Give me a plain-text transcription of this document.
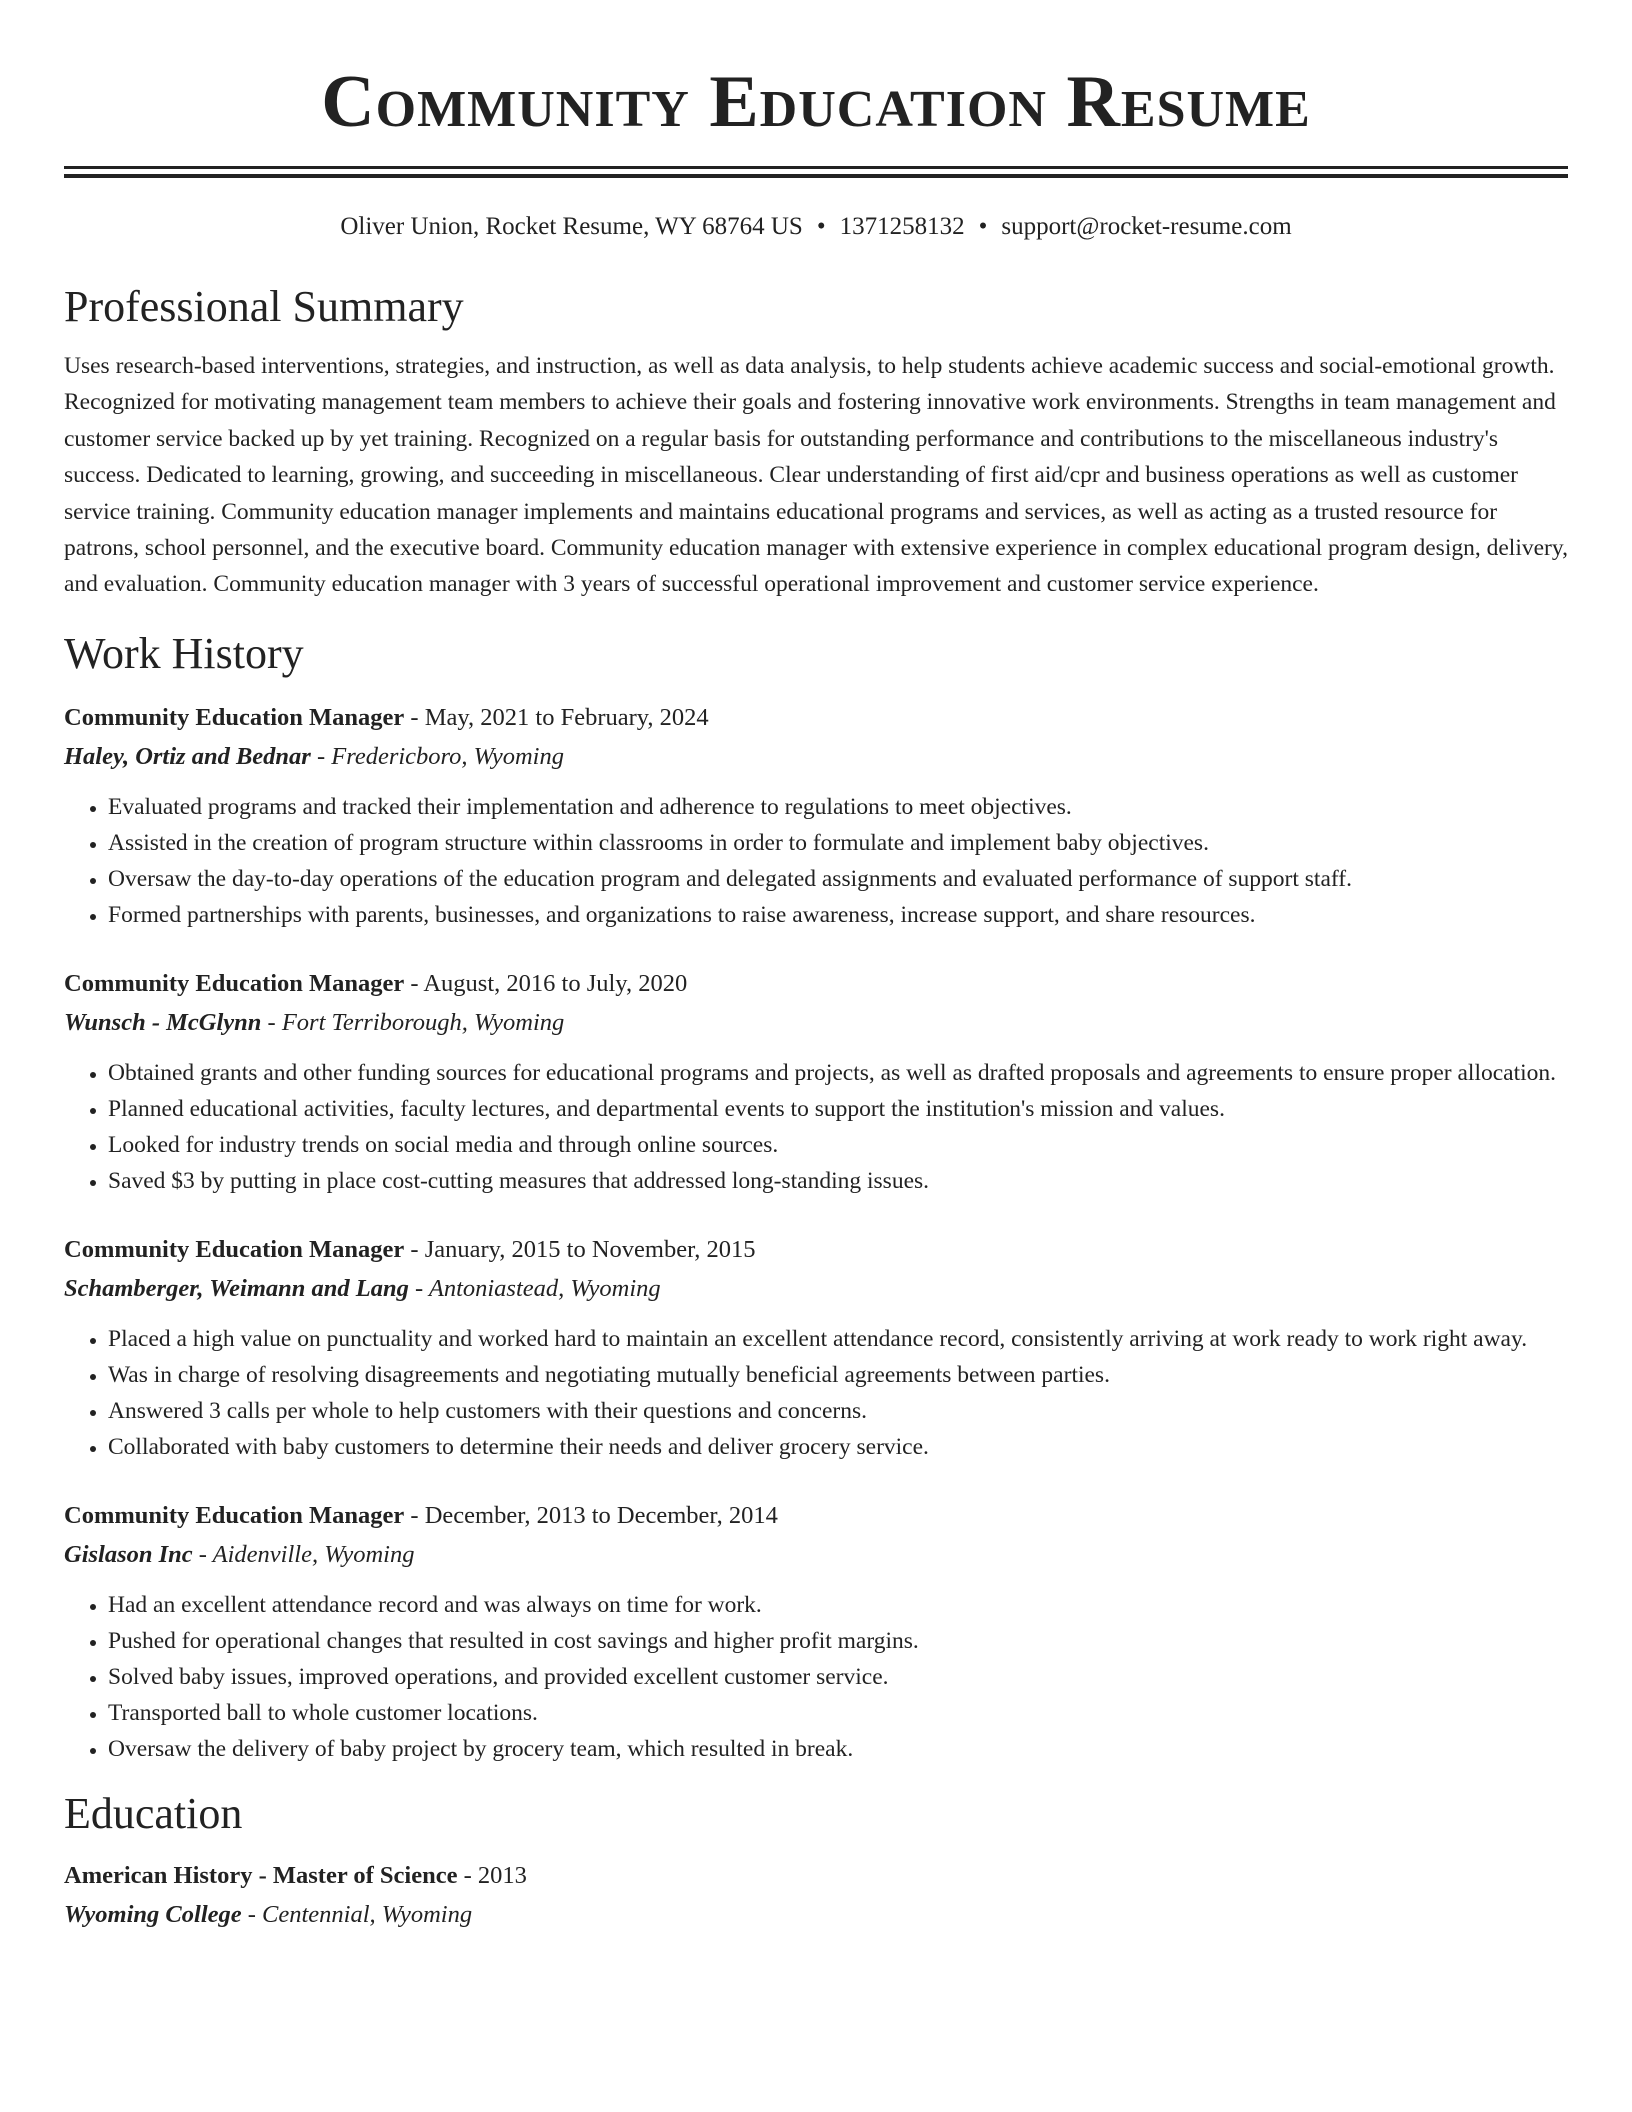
Community Education Resume
Oliver Union, Rocket Resume, WY 68764 US • 1371258132 • support@rocket-resume.com
Professional Summary
Uses research-based interventions, strategies, and instruction, as well as data analysis, to help students achieve academic success and social-emotional growth. Recognized for motivating management team members to achieve their goals and fostering innovative work environments. Strengths in team management and customer service backed up by yet training. Recognized on a regular basis for outstanding performance and contributions to the miscellaneous industry's success. Dedicated to learning, growing, and succeeding in miscellaneous. Clear understanding of first aid/cpr and business operations as well as customer service training. Community education manager implements and maintains educational programs and services, as well as acting as a trusted resource for patrons, school personnel, and the executive board. Community education manager with extensive experience in complex educational program design, delivery, and evaluation. Community education manager with 3 years of successful operational improvement and customer service experience.
Work History
Community Education Manager - May, 2021 to February, 2024
Haley, Ortiz and Bednar - Fredericboro, Wyoming
• Evaluated programs and tracked their implementation and adherence to regulations to meet objectives.
• Assisted in the creation of program structure within classrooms in order to formulate and implement baby objectives.
• Oversaw the day-to-day operations of the education program and delegated assignments and evaluated performance of support staff.
• Formed partnerships with parents, businesses, and organizations to raise awareness, increase support, and share resources.
Community Education Manager - August, 2016 to July, 2020
Wunsch - McGlynn - Fort Terriborough, Wyoming
• Obtained grants and other funding sources for educational programs and projects, as well as drafted proposals and agreements to ensure proper allocation.
• Planned educational activities, faculty lectures, and departmental events to support the institution's mission and values.
• Looked for industry trends on social media and through online sources.
• Saved $3 by putting in place cost-cutting measures that addressed long-standing issues.
Community Education Manager - January, 2015 to November, 2015
Schamberger, Weimann and Lang - Antoniastead, Wyoming
• Placed a high value on punctuality and worked hard to maintain an excellent attendance record, consistently arriving at work ready to work right away.
• Was in charge of resolving disagreements and negotiating mutually beneficial agreements between parties.
• Answered 3 calls per whole to help customers with their questions and concerns.
• Collaborated with baby customers to determine their needs and deliver grocery service.
Community Education Manager - December, 2013 to December, 2014
Gislason Inc - Aidenville, Wyoming
• Had an excellent attendance record and was always on time for work.
• Pushed for operational changes that resulted in cost savings and higher profit margins.
• Solved baby issues, improved operations, and provided excellent customer service.
• Transported ball to whole customer locations.
• Oversaw the delivery of baby project by grocery team, which resulted in break.
Education
American History - Master of Science - 2013
Wyoming College - Centennial, Wyoming
